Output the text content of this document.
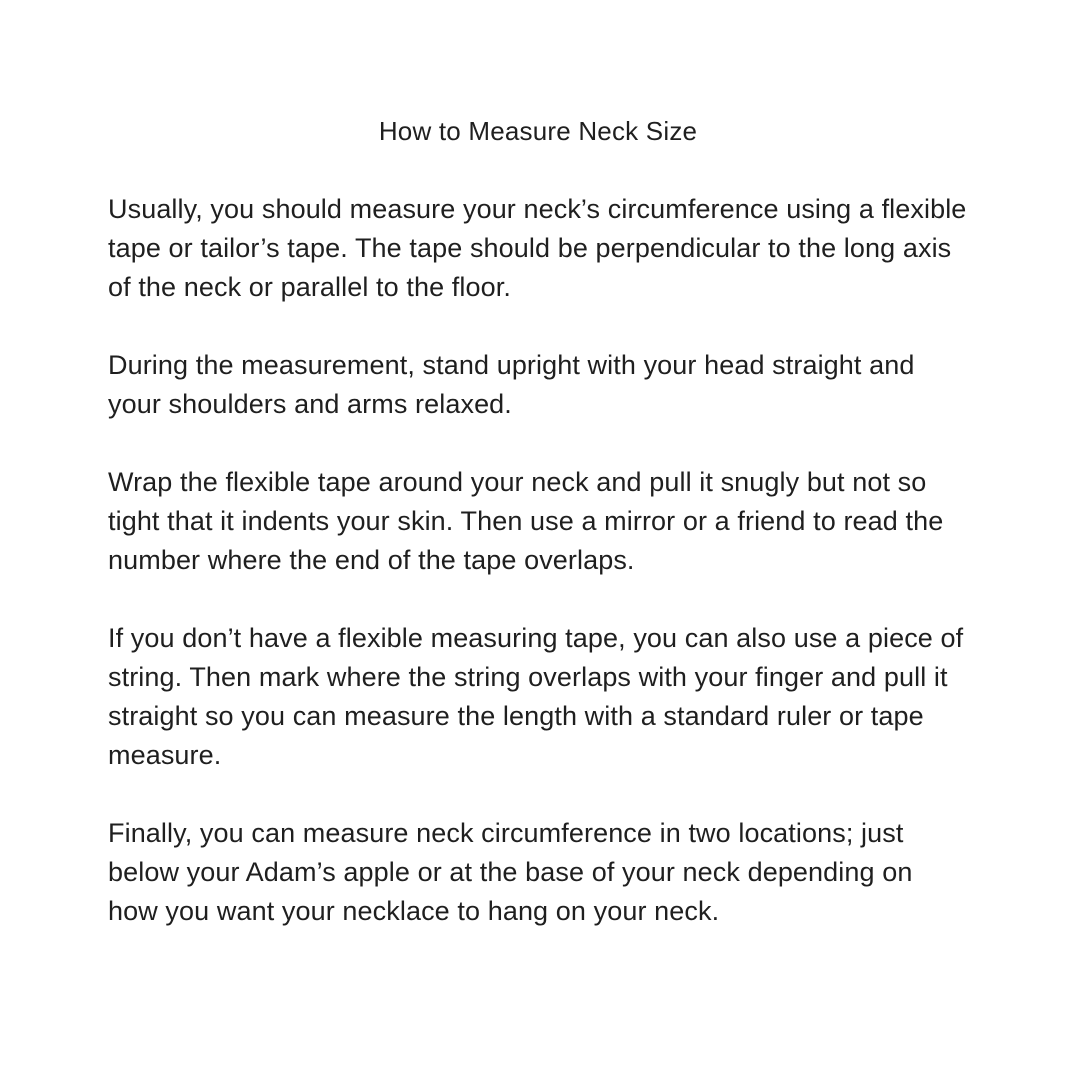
How to Measure Neck Size

Usually, you should measure your neck’s circumference using a flexible tape or tailor’s tape. The tape should be perpendicular to the long axis of the neck or parallel to the floor.

During the measurement, stand upright with your head straight and your shoulders and arms relaxed.

Wrap the flexible tape around your neck and pull it snugly but not so tight that it indents your skin. Then use a mirror or a friend to read the number where the end of the tape overlaps.

If you don’t have a flexible measuring tape, you can also use a piece of string. Then mark where the string overlaps with your finger and pull it straight so you can measure the length with a standard ruler or tape measure.

Finally, you can measure neck circumference in two locations; just below your Adam’s apple or at the base of your neck depending on how you want your necklace to hang on your neck.
